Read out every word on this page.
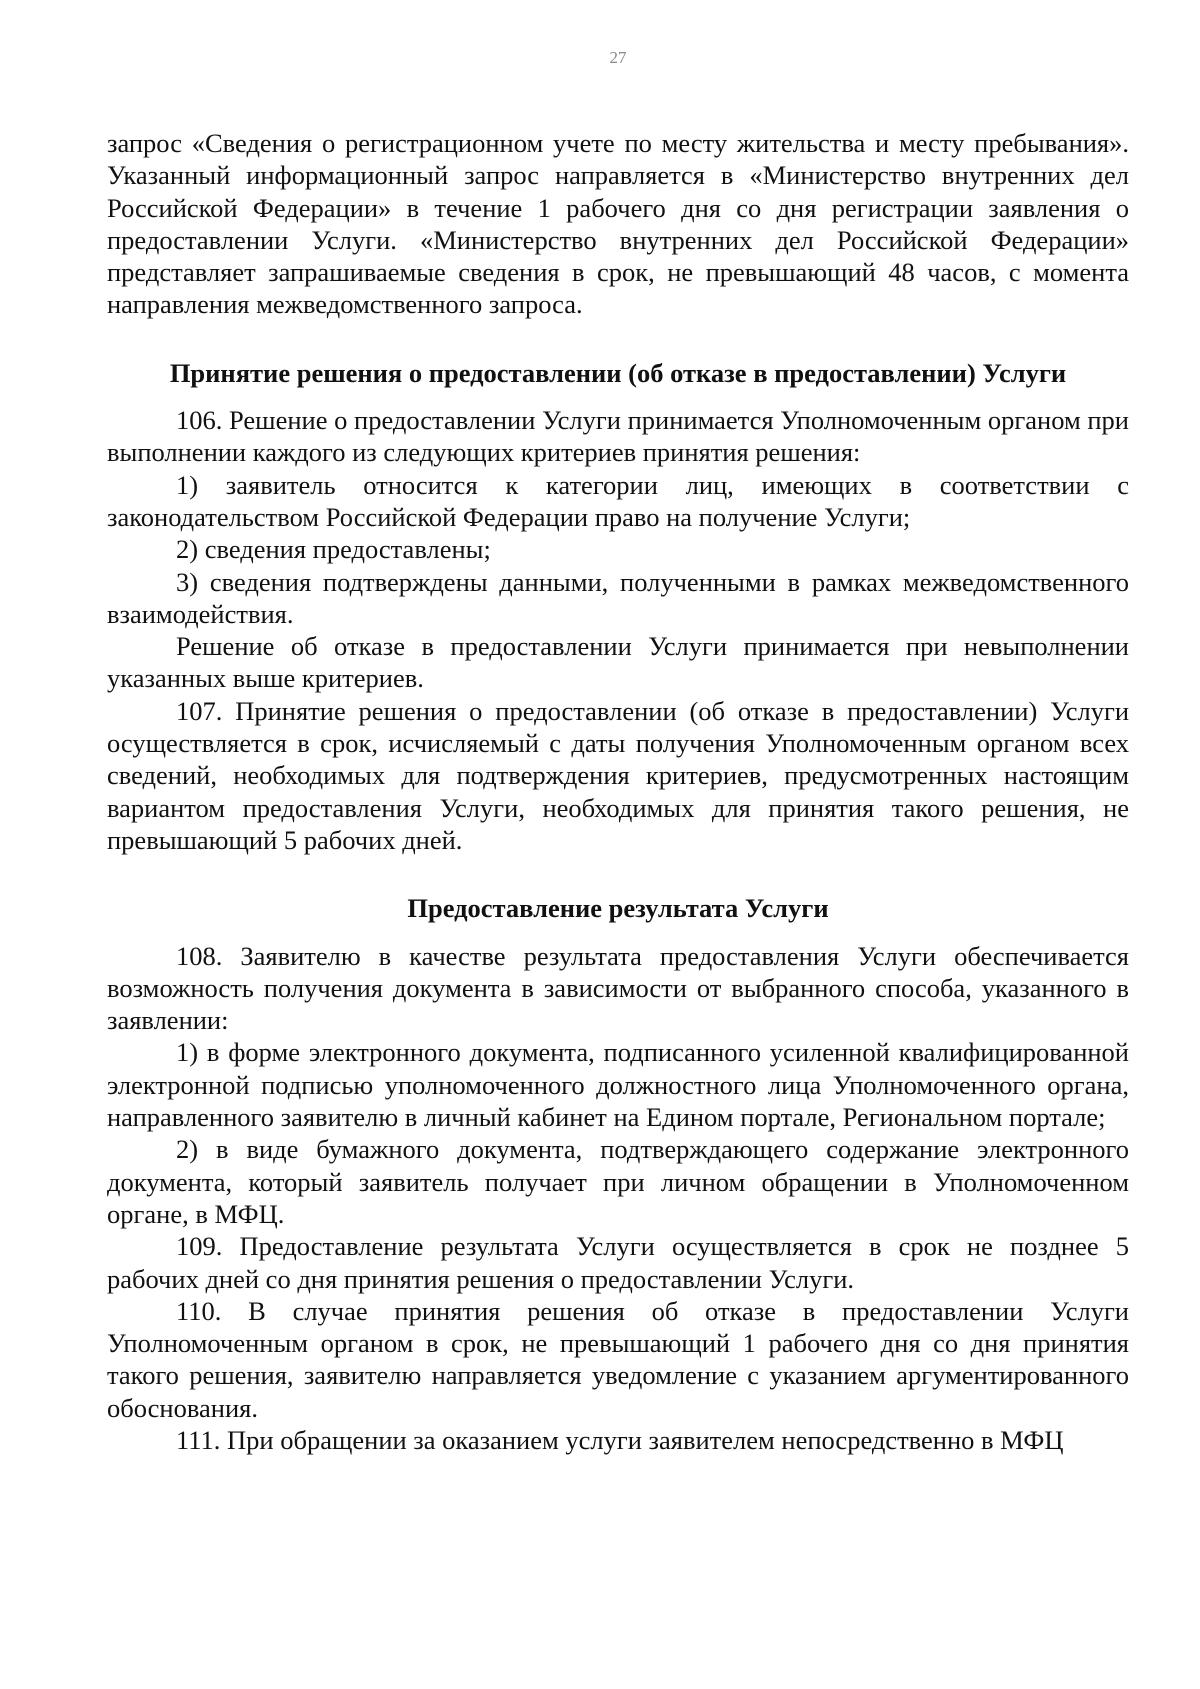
27

запрос «Сведения о регистрационном учете по месту жительства и месту пребывания». Указанный информационный запрос направляется в «Министерство внутренних дел Российской Федерации» в течение 1 рабочего дня со дня регистрации заявления о предоставлении Услуги. «Министерство внутренних дел Российской Федерации» представляет запрашиваемые сведения в срок, не превышающий 48 часов, с момента направления межведомственного запроса.

Принятие решения о предоставлении (об отказе в предоставлении) Услуги

106. Решение о предоставлении Услуги принимается Уполномоченным органом при выполнении каждого из следующих критериев принятия решения:

1) заявитель относится к категории лиц, имеющих в соответствии с законодательством Российской Федерации право на получение Услуги;

2) сведения предоставлены;

3) сведения подтверждены данными, полученными в рамках межведомственного взаимодействия.

Решение об отказе в предоставлении Услуги принимается при невыполнении указанных выше критериев.

107. Принятие решения о предоставлении (об отказе в предоставлении) Услуги осуществляется в срок, исчисляемый с даты получения Уполномоченным органом всех сведений, необходимых для подтверждения критериев, предусмотренных настоящим вариантом предоставления Услуги, необходимых для принятия такого решения, не превышающий 5 рабочих дней.

Предоставление результата Услуги

108. Заявителю в качестве результата предоставления Услуги обеспечивается возможность получения документа в зависимости от выбранного способа, указанного в заявлении:

1) в форме электронного документа, подписанного усиленной квалифицированной электронной подписью уполномоченного должностного лица Уполномоченного органа, направленного заявителю в личный кабинет на Едином портале, Региональном портале;

2) в виде бумажного документа, подтверждающего содержание электронного документа, который заявитель получает при личном обращении в Уполномоченном органе, в МФЦ.

109. Предоставление результата Услуги осуществляется в срок не позднее 5 рабочих дней со дня принятия решения о предоставлении Услуги.

110. В случае принятия решения об отказе в предоставлении Услуги Уполномоченным органом в срок, не превышающий 1 рабочего дня со дня принятия такого решения, заявителю направляется уведомление с указанием аргументированного обоснования.

111. При обращении за оказанием услуги заявителем непосредственно в МФЦ
